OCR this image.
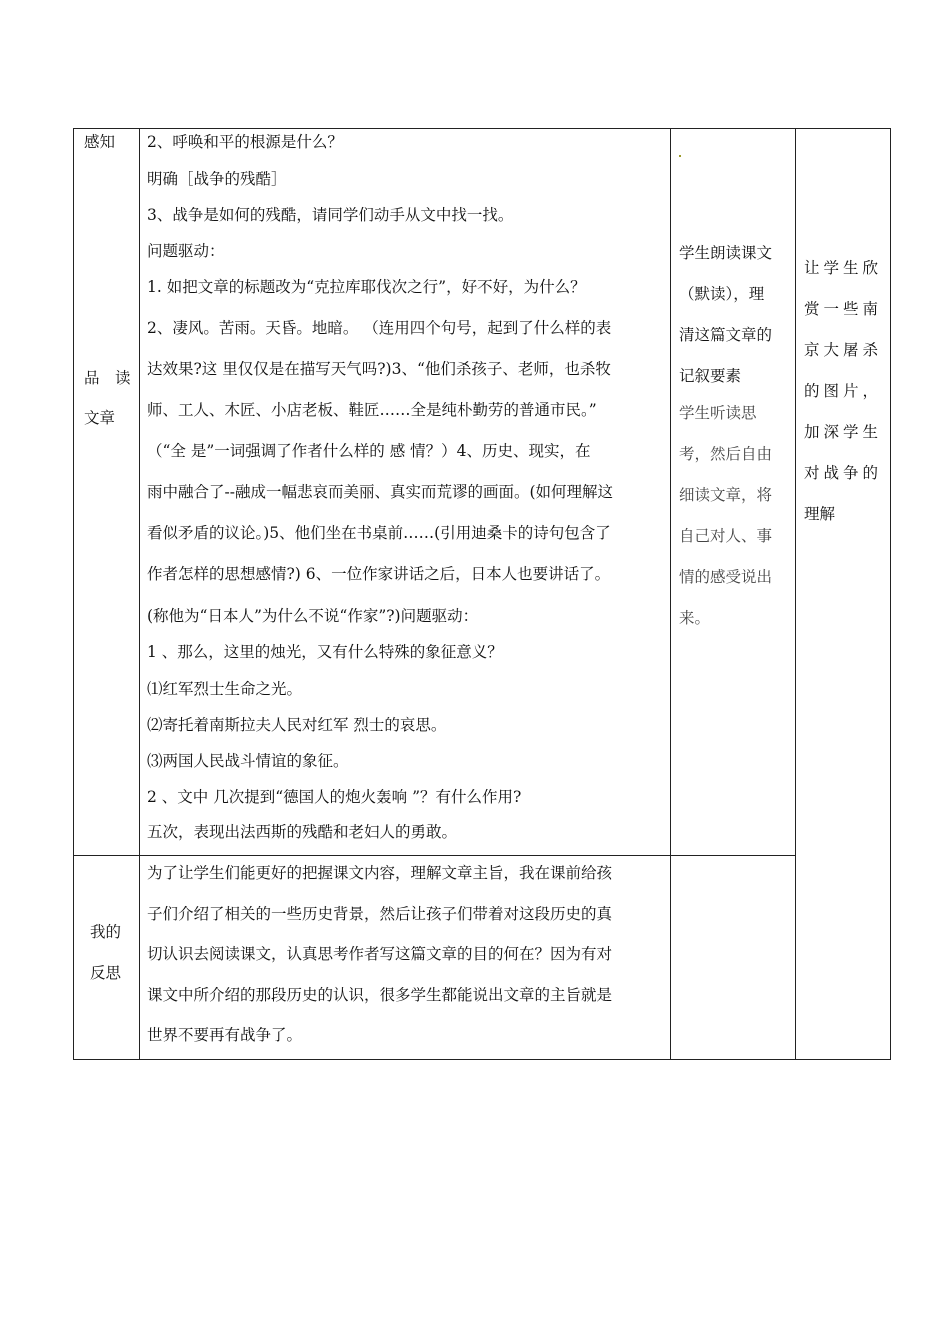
感知
品　读
文章
我的
反思
2、呼唤和平的根源是什么？
明确［战争的残酷］
3、战争是如何的残酷，请同学们动手从文中找一找。
问题驱动：
1. 如把文章的标题改为“克拉库耶伐次之行”，好不好，为什么？
2、凄风。苦雨。天昏。地暗。 （连用四个句号，起到了什么样的表
达效果?这 里仅仅是在描写天气吗?)3、“他们杀孩子、老师，也杀牧
师、工人、木匠、小店老板、鞋匠……全是纯朴勤劳的普通市民。”
（“全 是”一词强调了作者什么样的 感 情？）4、历史、现实，在
雨中融合了--融成一幅悲哀而美丽、真实而荒谬的画面。(如何理解这
看似矛盾的议论。)5、他们坐在书桌前……(引用迪桑卡的诗句包含了
作者怎样的思想感情?) 6、一位作家讲话之后，日本人也要讲话了。
(称他为“日本人”为什么不说“作家”?)问题驱动：
1 、那么，这里的烛光，又有什么特殊的象征意义？
⑴红军烈士生命之光。
⑵寄托着南斯拉夫人民对红军 烈士的哀思。
⑶两国人民战斗情谊的象征。
2 、文中 几次提到“德国人的炮火轰响 ”？有什么作用?
五次，表现出法西斯的残酷和老妇人的勇敢。
学生朗读课文
（默读），理
清这篇文章的
记叙要素
学生听读思
考，然后自由
细读文章，将
自己对人、事
情的感受说出
来。
让学生欣
赏一些南
京大屠杀
的图片，
加深学生
对战争的
理解
为了让学生们能更好的把握课文内容，理解文章主旨，我在课前给孩
子们介绍了相关的一些历史背景，然后让孩子们带着对这段历史的真
切认识去阅读课文，认真思考作者写这篇文章的目的何在？因为有对
课文中所介绍的那段历史的认识，很多学生都能说出文章的主旨就是
世界不要再有战争了。
